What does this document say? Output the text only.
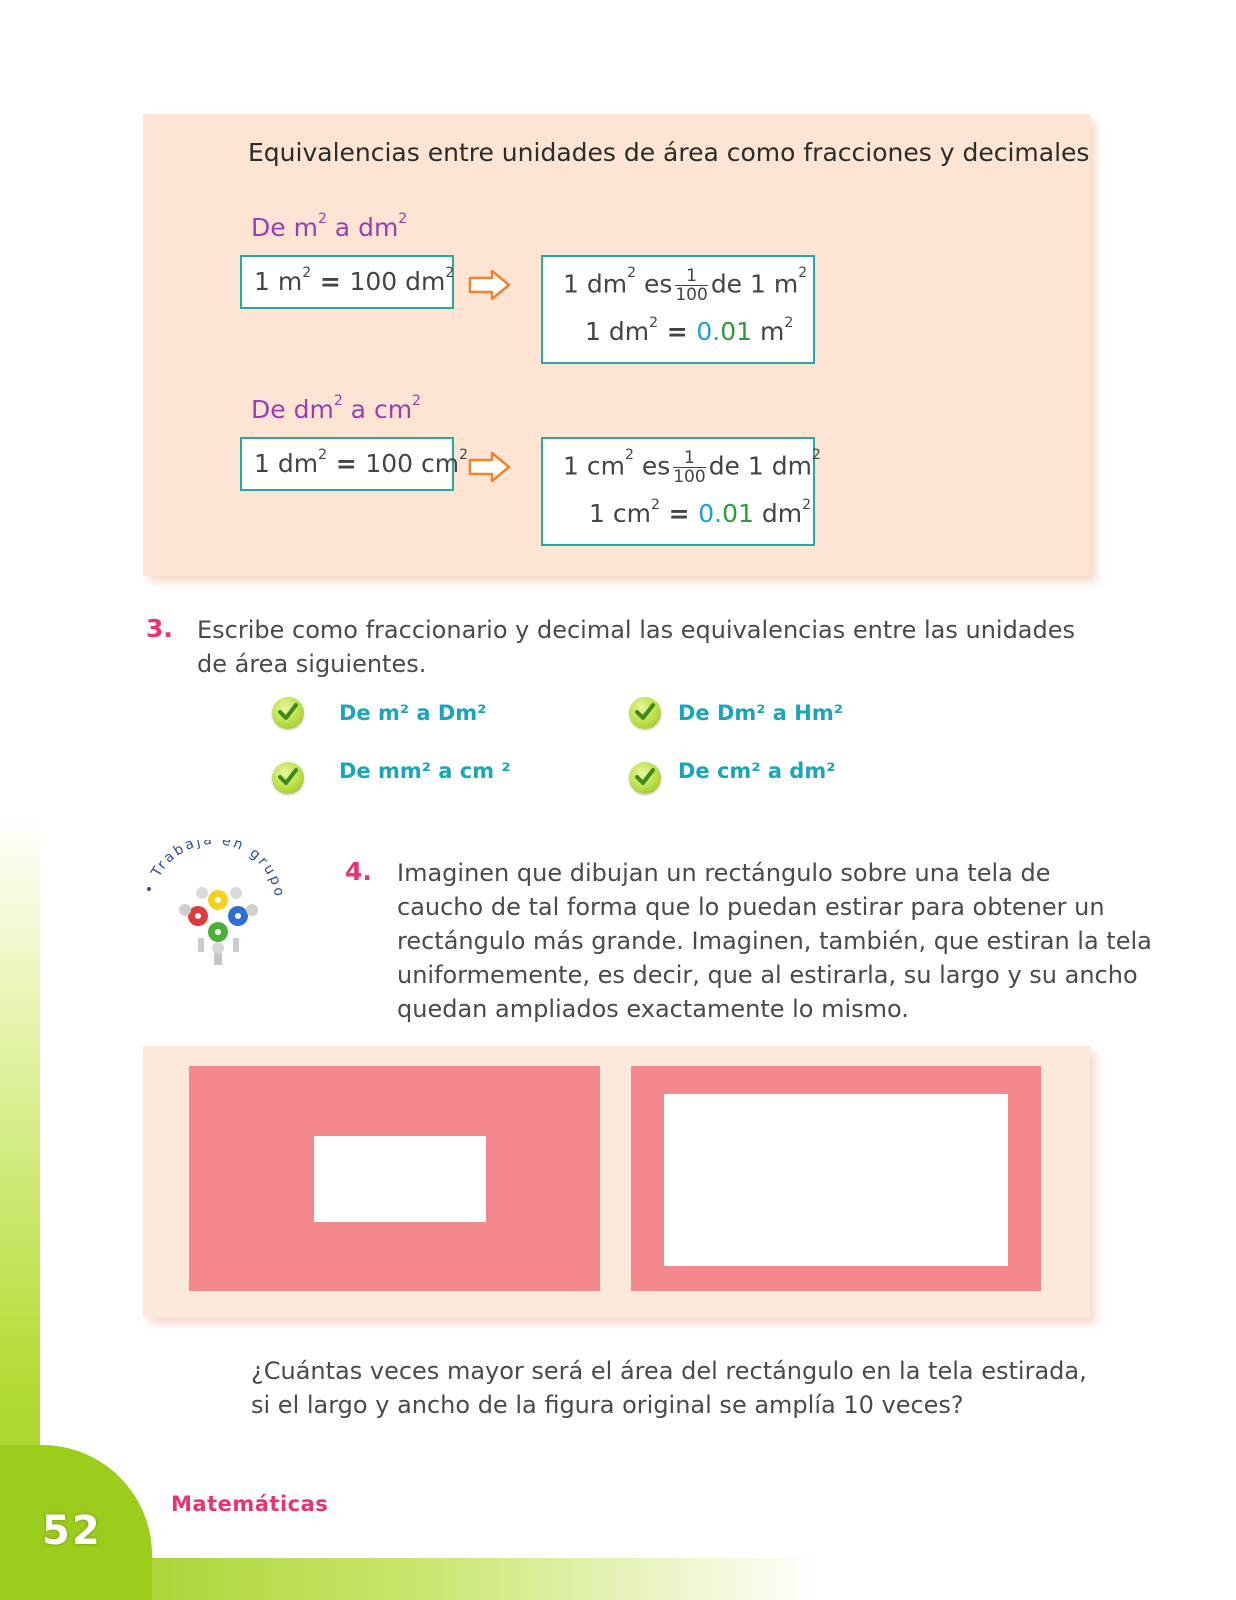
Equivalencias entre unidades de área como fracciones y decimales
De $m^2$ a $dm^2$
1 $m^2 = 100$ $dm^2$	1 $dm^2$ es $\frac{1}{100}$ de 1 $m^2$
1 $dm^2 = 0.01$ $m^2$
De $dm^2$ a $cm^2$
1 $dm^2 = 100$ $cm^2$	1 $cm^2$ es $\frac{1}{100}$ de 1 $dm^2$
1 $cm^2 = 0.01$ $dm^2$
3. Escribe como fraccionario y decimal las equivalencias entre las unidades
de área siguientes.
De m² a Dm²	De Dm² a Hm²
De mm² a cm ²	De cm² a dm²
• Trabaja en grupo
4. Imaginen que dibujan un rectángulo sobre una tela de
caucho de tal forma que lo puedan estirar para obtener un
rectángulo más grande. Imaginen, también, que estiran la tela
uniformemente, es decir, que al estirarla, su largo y su ancho
quedan ampliados exactamente lo mismo.
¿Cuántas veces mayor será el área del rectángulo en la tela estirada,
si el largo y ancho de la figura original se amplía 10 veces?
52
Matemáticas
